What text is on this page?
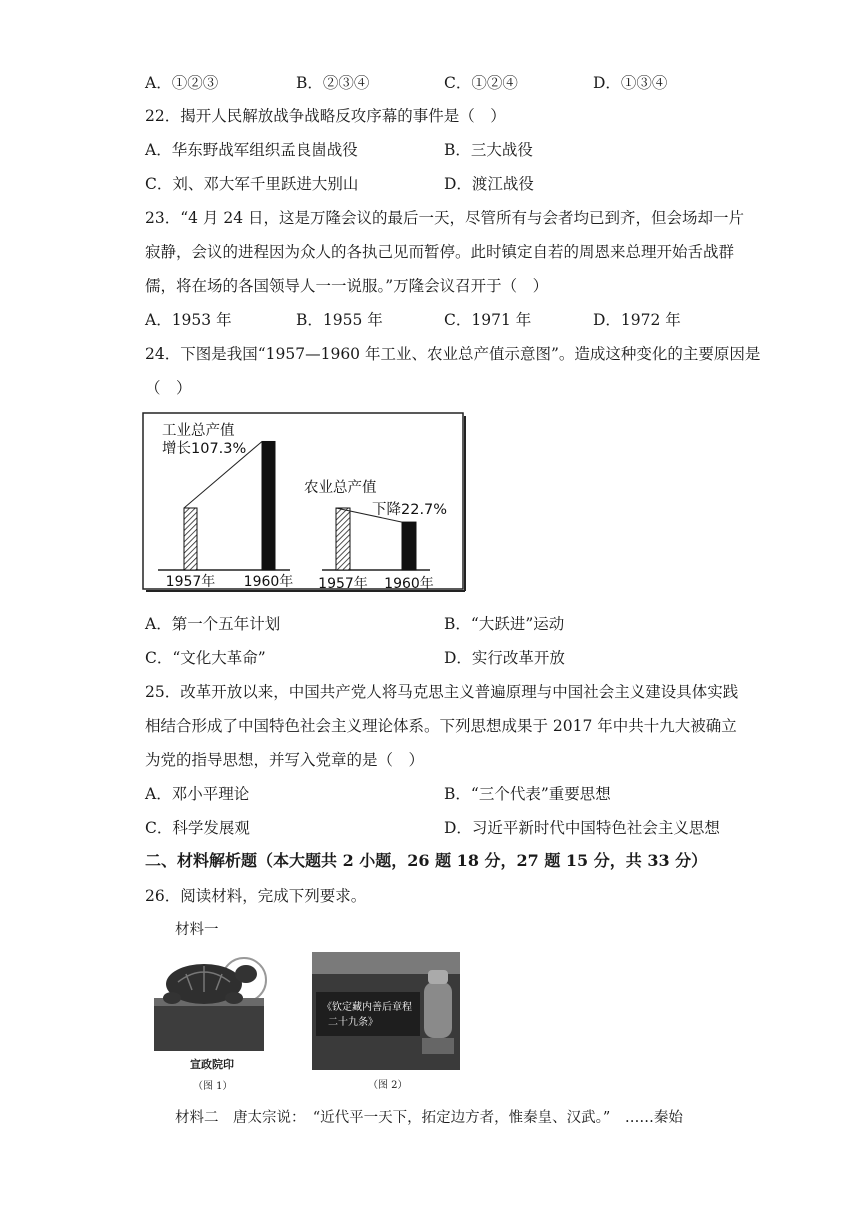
A．①②③	B．②③④	C．①②④	D．①③④
22．揭开人民解放战争战略反攻序幕的事件是（　）
A．华东野战军组织孟良崮战役	B．三大战役
C．刘、邓大军千里跃进大别山	D．渡江战役
23．“4 月 24 日，这是万隆会议的最后一天，尽管所有与会者均已到齐，但会场却一片
寂静，会议的进程因为众人的各执己见而暂停。此时镇定自若的周恩来总理开始舌战群
儒，将在场的各国领导人一一说服。”万隆会议召开于（　）
A．1953 年	B．1955 年	C．1971 年	D．1972 年
24．下图是我国“1957—1960 年工业、农业总产值示意图”。造成这种变化的主要原因是
（　）
1957年 1960年
工业总产值
增长107.3%
1957年 1960年
农业总产值
下降22.7%
A．第一个五年计划	B．“大跃进”运动
C．“文化大革命”	D．实行改革开放
25．改革开放以来，中国共产党人将马克思主义普遍原理与中国社会主义建设具体实践
相结合形成了中国特色社会主义理论体系。下列思想成果于 2017 年中共十九大被确立
为党的指导思想，并写入党章的是（　）
A．邓小平理论	B．“三个代表”重要思想
C．科学发展观	D．习近平新时代中国特色社会主义思想
二、材料解析题（本大题共 2 小题，26 题 18 分，27 题 15 分，共 33 分）
26．阅读材料，完成下列要求。
材料一
宣政院印
（图 1）
《钦定藏内善后章程
二十九条》
（图 2）
材料二　唐太宗说：　“近代平一天下，拓定边方者，惟秦皇、汉武。”　……秦始
